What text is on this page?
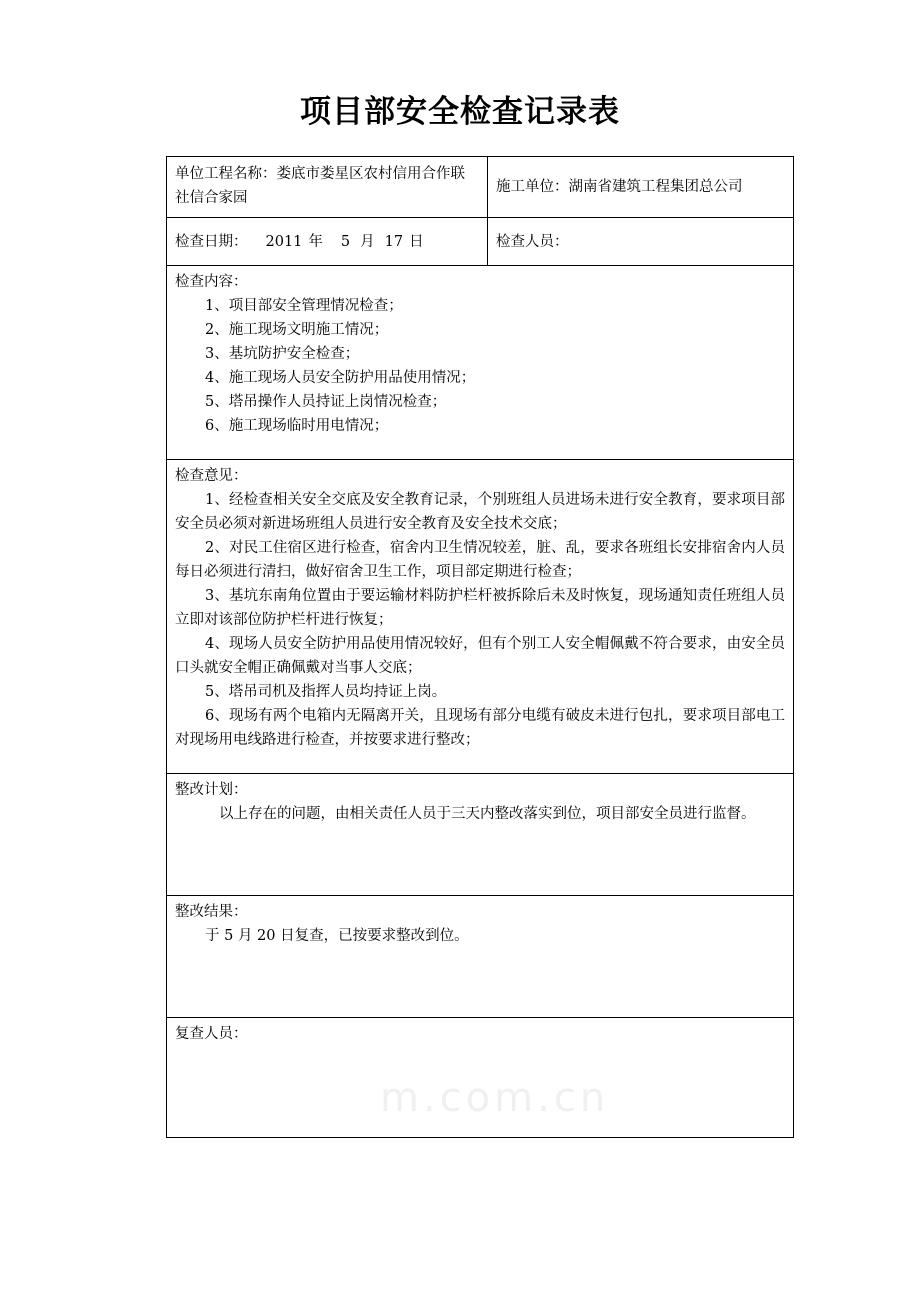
项目部安全检查记录表
单位工程名称：娄底市娄星区农村信用合作联社信合家园
施工单位： 湖南省建筑工程集团总公司
检查日期： 2011 年 5 月 17 日	检查人员：
检查内容：
1、项目部安全管理情况检查；
2、施工现场文明施工情况；
3、基坑防护安全检查；
4、施工现场人员安全防护用品使用情况；
5、塔吊操作人员持证上岗情况检查；
6、施工现场临时用电情况；
检查意见：
1、经检查相关安全交底及安全教育记录，个别班组人员进场未进行安全教育，要求项目部安全员必须对新进场班组人员进行安全教育及安全技术交底；
2、对民工住宿区进行检查，宿舍内卫生情况较差，脏、乱，要求各班组长安排宿舍内人员每日必须进行清扫，做好宿舍卫生工作，项目部定期进行检查；
3、基坑东南角位置由于要运输材料防护栏杆被拆除后未及时恢复，现场通知责任班组人员立即对该部位防护栏杆进行恢复；
4、现场人员安全防护用品使用情况较好，但有个别工人安全帽佩戴不符合要求，由安全员口头就安全帽正确佩戴对当事人交底；
5、塔吊司机及指挥人员均持证上岗。
6、现场有两个电箱内无隔离开关，且现场有部分电缆有破皮未进行包扎，要求项目部电工对现场用电线路进行检查，并按要求进行整改；
整改计划：
以上存在的问题，由相关责任人员于三天内整改落实到位，项目部安全员进行监督。
整改结果：
于 5 月 20 日复查，已按要求整改到位。
复查人员：
m.com.cn
